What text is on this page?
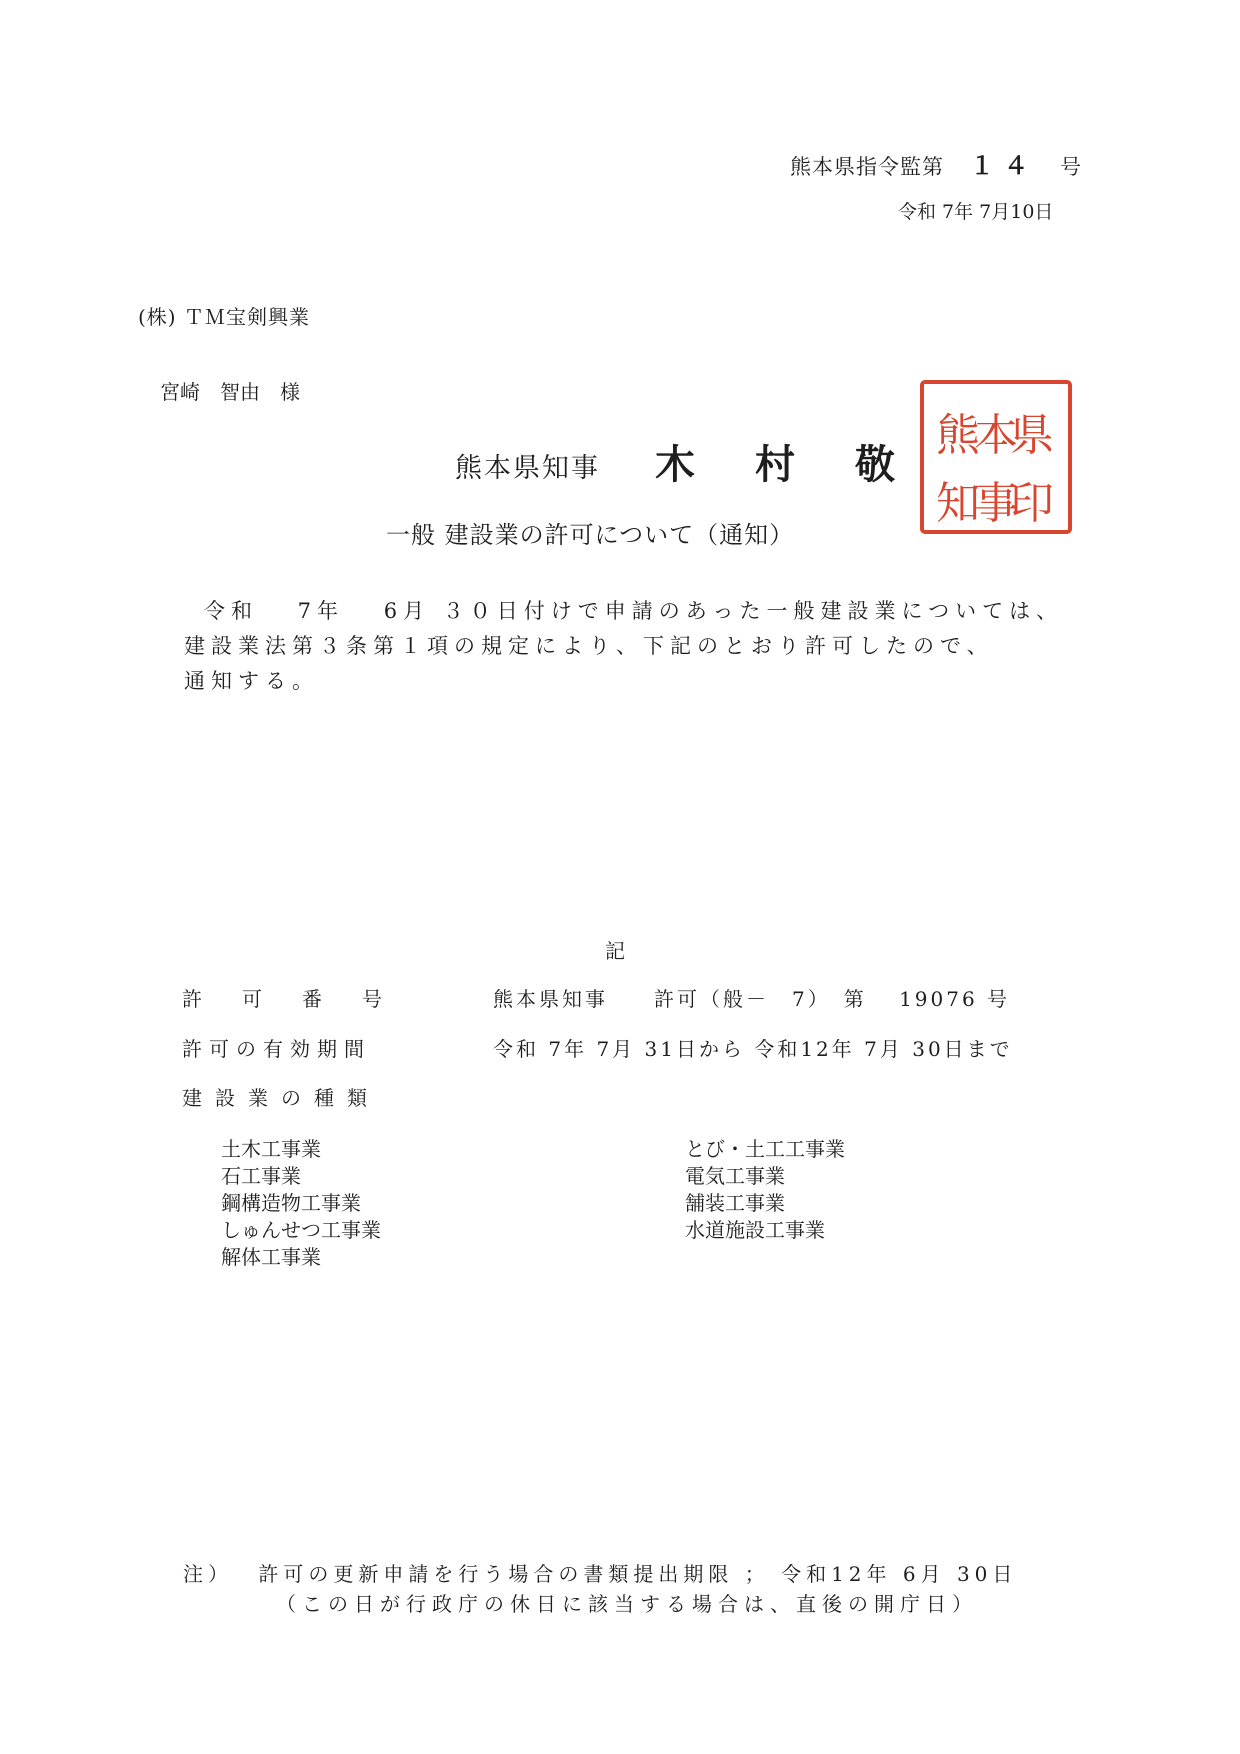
熊本県指令監第 １４ 号
令和 7年 7月10日
(株) ＴＭ宝剣興業
宮崎　智由　様
熊本県知事 木村敬
県
印
本
事
熊
知
一般 建設業の許可について（通知）

令和　 7年　 6月 ３０日付けで申請のあった一般建設業については、

建設業法第３条第１項の規定により、下記のとおり許可したので、

通知する。

記
許　　可　　番　　号	熊本県知事　　許可（般－　7）　第　 19076 号
許可の有効期間	令和 7年 7月 31日から 令和12年 7月 30日まで
建設業の種類
土木工事業
石工事業
鋼構造物工事業
しゅんせつ工事業
解体工事業
とび・土工工事業
電気工事業
舗装工事業
水道施設工事業
注） 許可の更新申請を行う場合の書類提出期限 ； 令和12年 6月 30日
（この日が行政庁の休日に該当する場合は、直後の開庁日）
